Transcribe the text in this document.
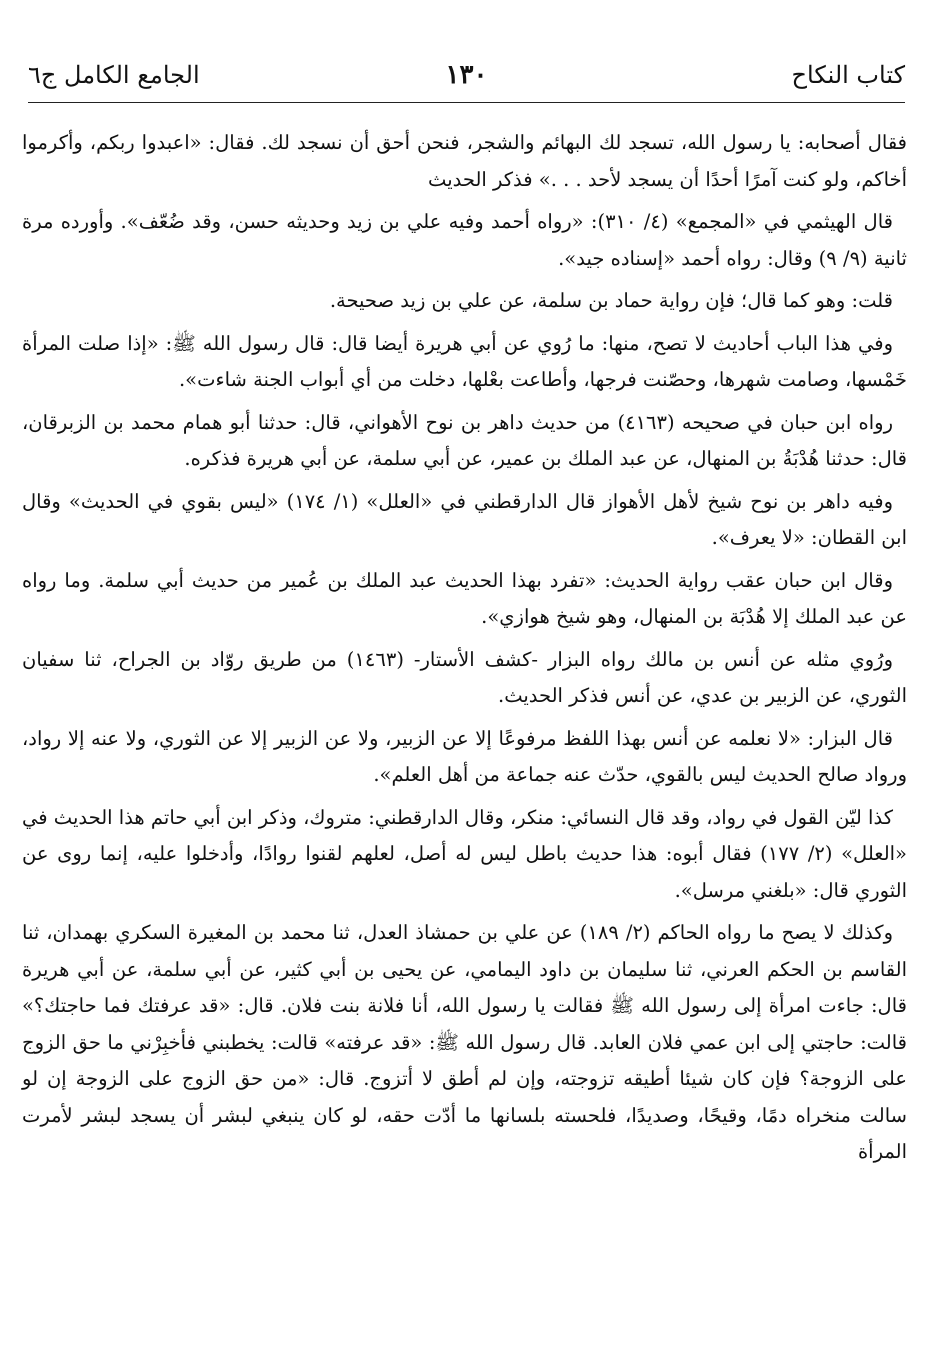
كتاب النكاح
١٣٠
الجامع الكامل ج٦

فقال أصحابه: يا رسول الله، تسجد لك البهائم والشجر، فنحن أحق أن نسجد لك. فقال: «اعبدوا ربكم، وأكرموا أخاكم، ولو كنت آمرًا أحدًا أن يسجد لأحد . . .» فذكر الحديث

قال الهيثمي في «المجمع» (٤/ ٣١٠): «رواه أحمد وفيه علي بن زيد وحديثه حسن، وقد ضُعّف». وأورده مرة ثانية (٩/ ٩) وقال: رواه أحمد «إسناده جيد».

قلت: وهو كما قال؛ فإن رواية حماد بن سلمة، عن علي بن زيد صحيحة.

وفي هذا الباب أحاديث لا تصح، منها: ما رُوي عن أبي هريرة أيضا قال: قال رسول الله ﷺ: «إذا صلت المرأة خَمْسها، وصامت شهرها، وحصّنت فرجها، وأطاعت بعْلها، دخلت من أي أبواب الجنة شاءت».

رواه ابن حبان في صحيحه (٤١٦٣) من حديث داهر بن نوح الأهواني، قال: حدثنا أبو همام محمد بن الزبرقان، قال: حدثنا هُدْبَةُ بن المنهال، عن عبد الملك بن عمير، عن أبي سلمة، عن أبي هريرة فذكره.

وفيه داهر بن نوح شيخ لأهل الأهواز قال الدارقطني في «العلل» (١/ ١٧٤) «ليس بقوي في الحديث» وقال ابن القطان: «لا يعرف».

وقال ابن حبان عقب رواية الحديث: «تفرد بهذا الحديث عبد الملك بن عُمير من حديث أبي سلمة. وما رواه عن عبد الملك إلا هُدْبَة بن المنهال، وهو شيخ هوازي».

ورُوي مثله عن أنس بن مالك رواه البزار -كشف الأستار- (١٤٦٣) من طريق روّاد بن الجراح، ثنا سفيان الثوري، عن الزبير بن عدي، عن أنس فذكر الحديث.

قال البزار: «لا نعلمه عن أنس بهذا اللفظ مرفوعًا إلا عن الزبير، ولا عن الزبير إلا عن الثوري، ولا عنه إلا رواد، ورواد صالح الحديث ليس بالقوي، حدّث عنه جماعة من أهل العلم».

كذا ليّن القول في رواد، وقد قال النسائي: منكر، وقال الدارقطني: متروك، وذكر ابن أبي حاتم هذا الحديث في «العلل» (٢/ ١٧٧) فقال أبوه: هذا حديث باطل ليس له أصل، لعلهم لقنوا روادًا، وأدخلوا عليه، إنما روى عن الثوري قال: «بلغني مرسل».

وكذلك لا يصح ما رواه الحاكم (٢/ ١٨٩) عن علي بن حمشاذ العدل، ثنا محمد بن المغيرة السكري بهمدان، ثنا القاسم بن الحكم العرني، ثنا سليمان بن داود اليمامي، عن يحيى بن أبي كثير، عن أبي سلمة، عن أبي هريرة قال: جاءت امرأة إلى رسول الله ﷺ فقالت يا رسول الله، أنا فلانة بنت فلان. قال: «قد عرفتك فما حاجتك؟» قالت: حاجتي إلى ابن عمي فلان العابد. قال رسول الله ﷺ: «قد عرفته» قالت: يخطبني فأخبِرْني ما حق الزوج على الزوجة؟ فإن كان شيئا أطيقه تزوجته، وإن لم أطق لا أتزوج. قال: «من حق الزوج على الزوجة إن لو سالت منخراه دمًا، وقيحًا، وصديدًا، فلحسته بلسانها ما أدّت حقه، لو كان ينبغي لبشر أن يسجد لبشر لأمرت المرأة
